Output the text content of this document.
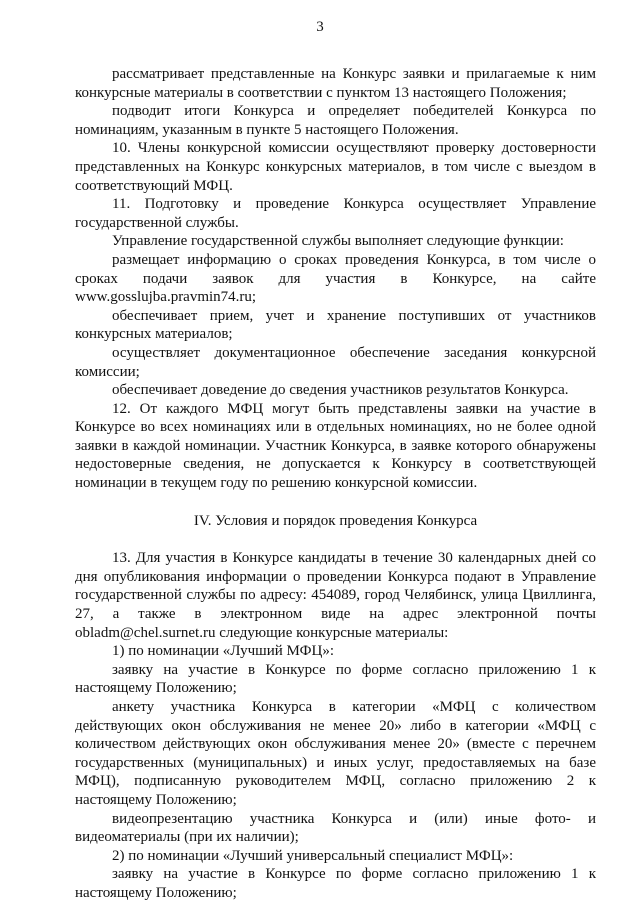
3

рассматривает представленные на Конкурс заявки и прилагаемые к ним конкурсные материалы в соответствии с пунктом 13 настоящего Положения;

подводит итоги Конкурса и определяет победителей Конкурса по номинациям, указанным в пункте 5 настоящего Положения.

10. Члены конкурсной комиссии осуществляют проверку достоверности представленных на Конкурс конкурсных материалов, в том числе с выездом в соответствующий МФЦ.

11. Подготовку и проведение Конкурса осуществляет Управление государственной службы.

Управление государственной службы выполняет следующие функции:

размещает информацию о сроках проведения Конкурса, в том числе о сроках подачи заявок для участия в Конкурсе, на сайте www.gosslujba.pravmin74.ru;

обеспечивает прием, учет и хранение поступивших от участников конкурсных материалов;

осуществляет документационное обеспечение заседания конкурсной комиссии;

обеспечивает доведение до сведения участников результатов Конкурса.

12. От каждого МФЦ могут быть представлены заявки на участие в Конкурсе во всех номинациях или в отдельных номинациях, но не более одной заявки в каждой номинации. Участник Конкурса, в заявке которого обнаружены недостоверные сведения, не допускается к Конкурсу в соответствующей номинации в текущем году по решению конкурсной комиссии.

IV. Условия и порядок проведения Конкурса

13. Для участия в Конкурсе кандидаты в течение 30 календарных дней со дня опубликования информации о проведении Конкурса подают в Управление государственной службы по адресу: 454089, город Челябинск, улица Цвиллинга, 27, а также в электронном виде на адрес электронной почты obladm@chel.surnet.ru следующие конкурсные материалы:

1) по номинации «Лучший МФЦ»:

заявку на участие в Конкурсе по форме согласно приложению 1 к настоящему Положению;

анкету участника Конкурса в категории «МФЦ с количеством действующих окон обслуживания не менее 20» либо в категории «МФЦ с количеством действующих окон обслуживания менее 20» (вместе с перечнем государственных (муниципальных) и иных услуг, предоставляемых на базе МФЦ), подписанную руководителем МФЦ, согласно приложению 2 к настоящему Положению;

видеопрезентацию участника Конкурса и (или) иные фото- и видеоматериалы (при их наличии);

2) по номинации «Лучший универсальный специалист МФЦ»:

заявку на участие в Конкурсе по форме согласно приложению 1 к настоящему Положению;
